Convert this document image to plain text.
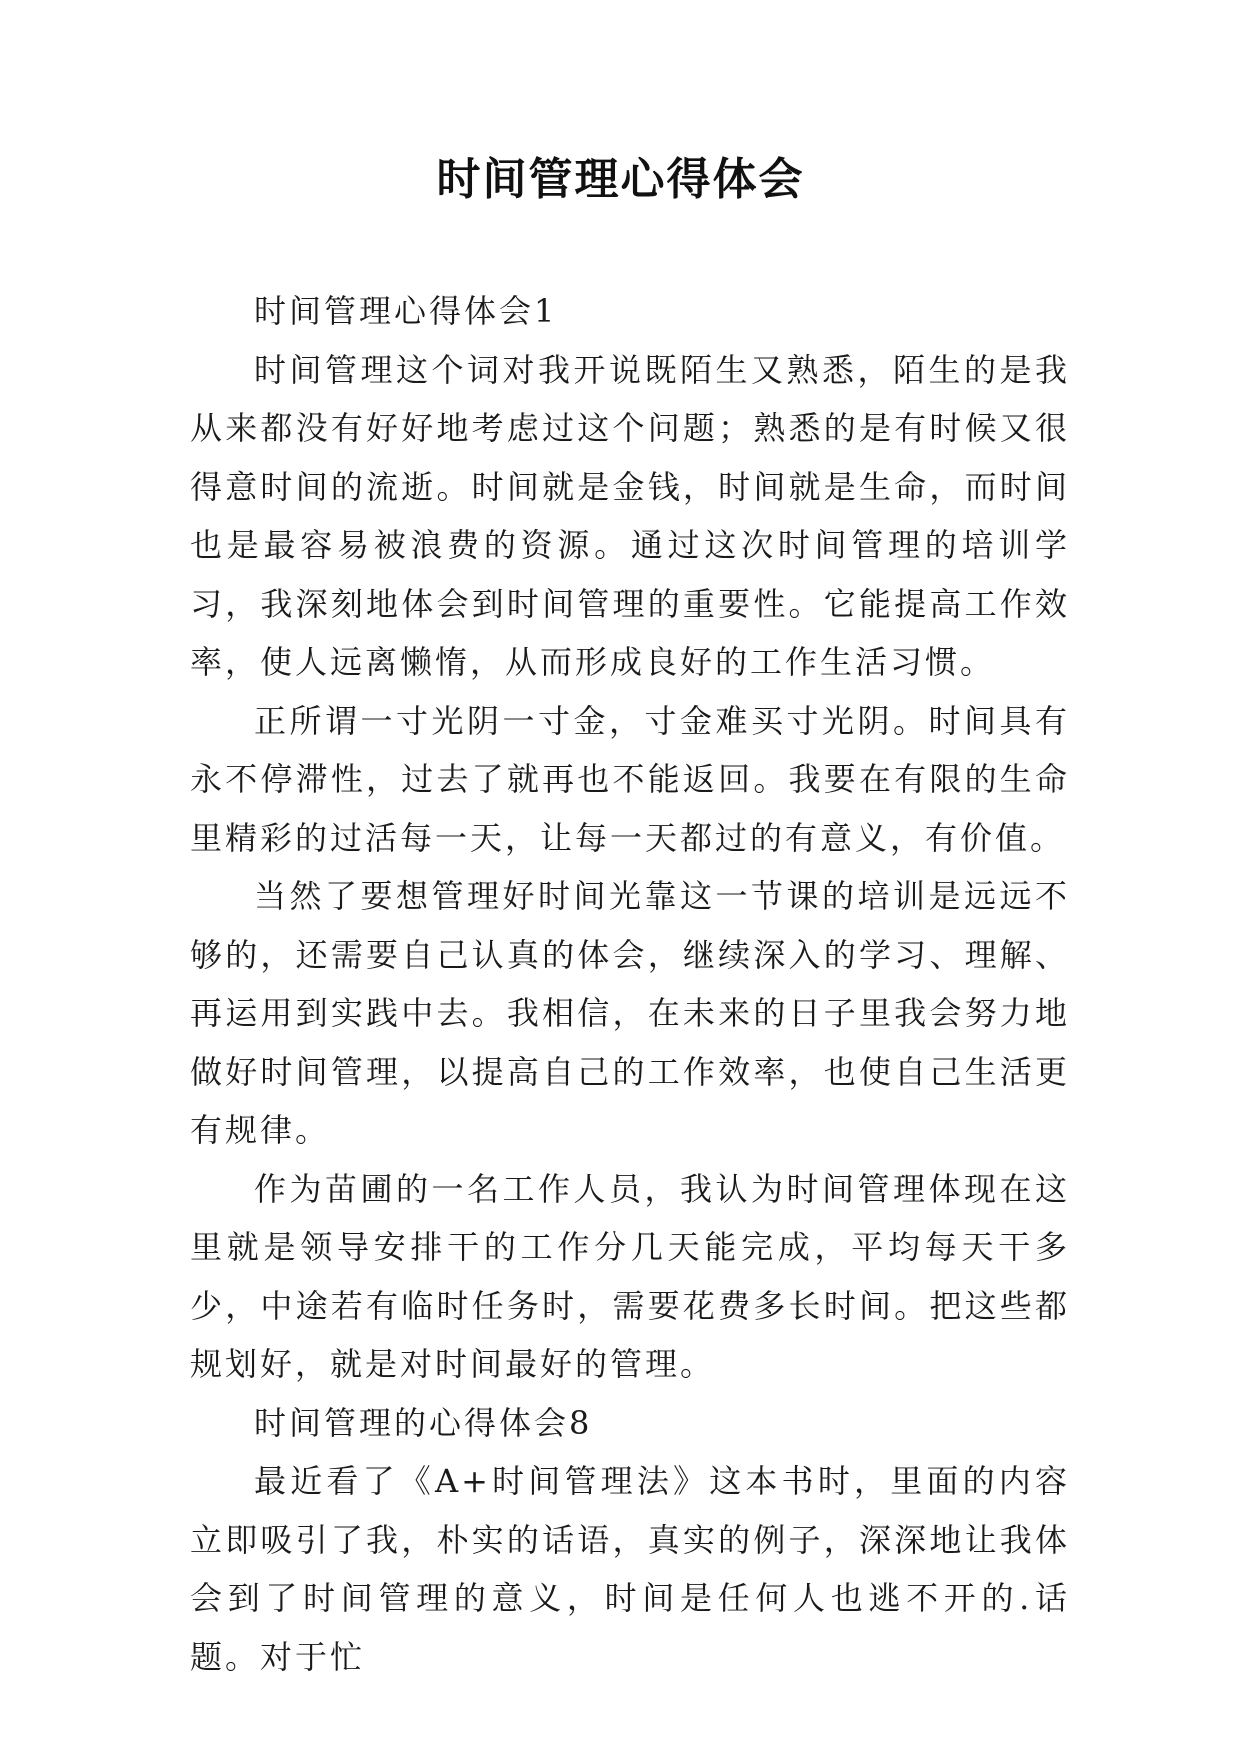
时间管理心得体会

时间管理心得体会1

时间管理这个词对我开说既陌生又熟悉，陌生的是我从来都没有好好地考虑过这个问题；熟悉的是有时候又很得意时间的流逝。时间就是金钱，时间就是生命，而时间也是最容易被浪费的资源。通过这次时间管理的培训学习，我深刻地体会到时间管理的重要性。它能提高工作效率，使人远离懒惰，从而形成良好的工作生活习惯。

正所谓一寸光阴一寸金，寸金难买寸光阴。时间具有永不停滞性，过去了就再也不能返回。我要在有限的生命里精彩的过活每一天，让每一天都过的有意义，有价值。

当然了要想管理好时间光靠这一节课的培训是远远不够的，还需要自己认真的体会，继续深入的学习、理解、再运用到实践中去。我相信，在未来的日子里我会努力地做好时间管理，以提高自己的工作效率，也使自己生活更有规律。

作为苗圃的一名工作人员，我认为时间管理体现在这里就是领导安排干的工作分几天能完成，平均每天干多少，中途若有临时任务时，需要花费多长时间。把这些都规划好，就是对时间最好的管理。

时间管理的心得体会8

最近看了《A+时间管理法》这本书时，里面的内容立即吸引了我，朴实的话语，真实的例子，深深地让我体会到了时间管理的意义，时间是任何人也逃不开的.话题。对于忙
